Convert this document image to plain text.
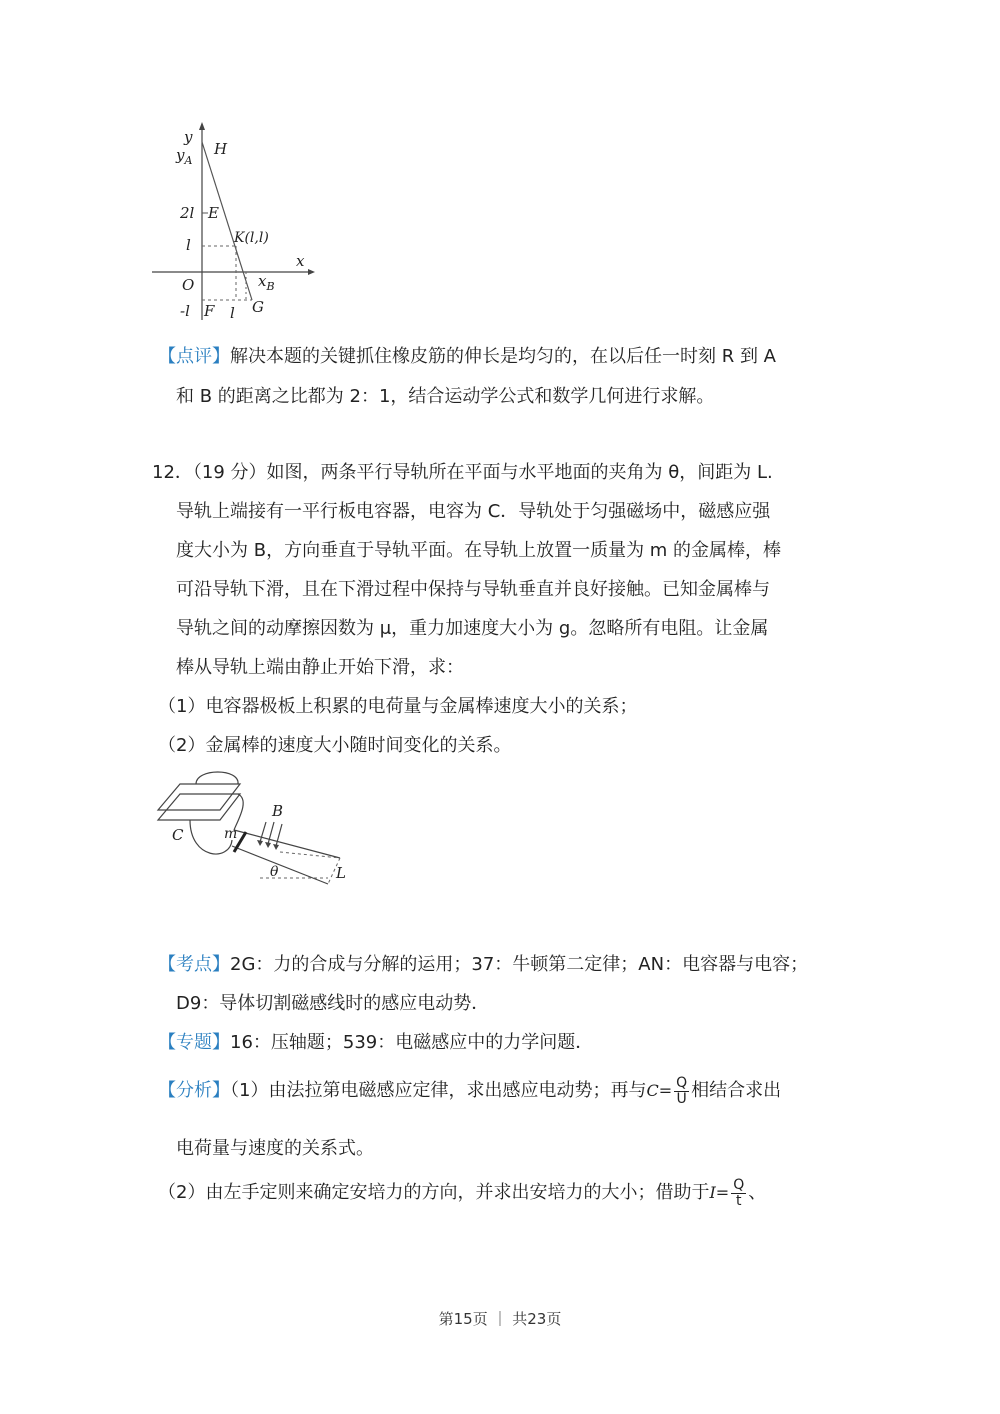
y
x
$y_A$
H
2l E
l	K(l,l)
O	$x_B$
-l F l G
【点评】解决本题的关键抓住橡皮筋的伸长是均匀的，在以后任一时刻 R 到 A
和 B 的距离之比都为 2：1，结合运动学公式和数学几何进行求解。
12．（19 分）如图，两条平行导轨所在平面与水平地面的夹角为 θ，间距为 L.
导轨上端接有一平行板电容器，电容为 C．导轨处于匀强磁场中，磁感应强
度大小为 B，方向垂直于导轨平面。在导轨上放置一质量为 m 的金属棒，棒
可沿导轨下滑，且在下滑过程中保持与导轨垂直并良好接触。已知金属棒与
导轨之间的动摩擦因数为 μ，重力加速度大小为 g。忽略所有电阻。让金属
棒从导轨上端由静止开始下滑，求：
（1）电容器极板上积累的电荷量与金属棒速度大小的关系；
（2）金属棒的速度大小随时间变化的关系。
B
C	m
θ	L
【考点】2G：力的合成与分解的运用；37：牛顿第二定律；AN：电容器与电容；
D9：导体切割磁感线时的感应电动势．
【专题】16：压轴题；539：电磁感应中的力学问题．
【分析】（1）由法拉第电磁感应定律，求出感应电动势；再与$C= \frac{Q}{U}$ 相结合求出
电荷量与速度的关系式。
（2）由左手定则来确定安培力的方向，并求出安培力的大小；借助于$I= \frac{Q}{t}$ 、
第15页 ｜ 共23页
